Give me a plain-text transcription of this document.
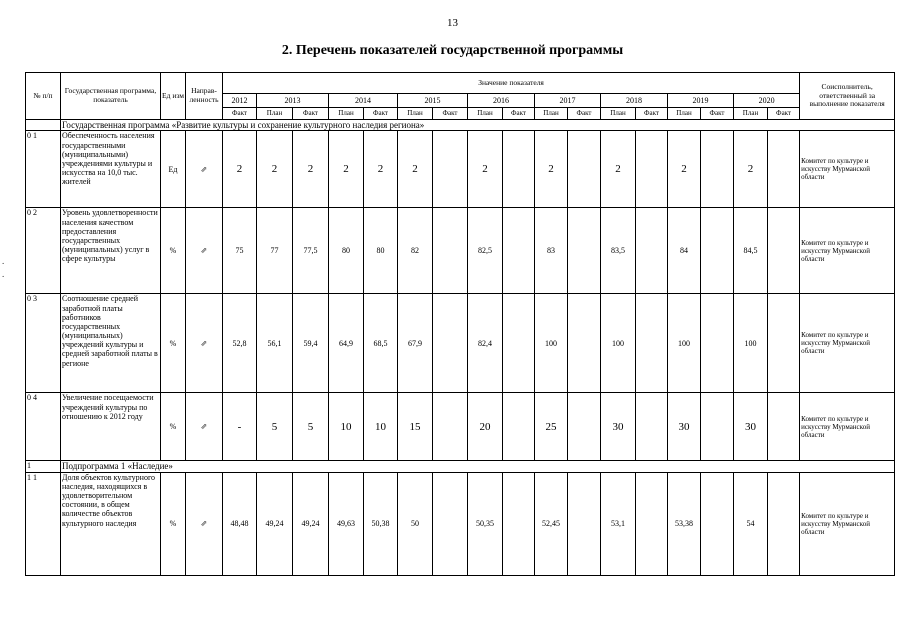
13
2. Перечень показателей государственной программы
.
.
№ п/п	Государственная программа, показатель	Ед изм	Направ-ленность	Значение показателя																	Соисполнитель, ответственный за выполнение показателя
				2012	2013		2014		2015		2016		2017		2018		2019		2020		
				Факт	План	Факт	План	Факт	План	Факт	План	Факт	План	Факт	План	Факт	План	Факт	План	Факт	
	Государственная программа «Развитие культуры и сохранение культурного наследия региона»																				
0 1	Обеспеченность населения государственными (муниципальными) учреждениями культуры и искусства на 10,0 тыс. жителей	Ед	⇗	2	2	2	2	2	2		2		2		2		2		2		Комитет по культуре и искусству Мурманской области
0 2	Уровень удовлетворенности населения качеством предоставления государственных (муниципальных) услуг в сфере культуры	%	⇗	75	77	77,5	80	80	82		82,5		83		83,5		84		84,5		Комитет по культуре и искусству Мурманской области
0 3	Соотношение средней заработной платы работников государственных (муниципальных) учреждений культуры и средней заработной платы в регионе	%	⇗	52,8	56,1	59,4	64,9	68,5	67,9		82,4		100		100		100		100		Комитет по культуре и искусству Мурманской области
0 4	Увеличение посещаемости учреждений культуры по отношению к 2012 году	%	⇗	-	5	5	10	10	15		20		25		30		30		30		Комитет по культуре и искусству Мурманской области
1	Подпрограмма 1 «Наследие»																				
1 1	Доля объектов культурного наследия, находящихся в удовлетворительном состоянии, в общем количестве объектов культурного наследия	%	⇗	48,48	49,24	49,24	49,63	50,38	50		50,35		52,45		53,1		53,38		54		Комитет по культуре и искусству Мурманской области
